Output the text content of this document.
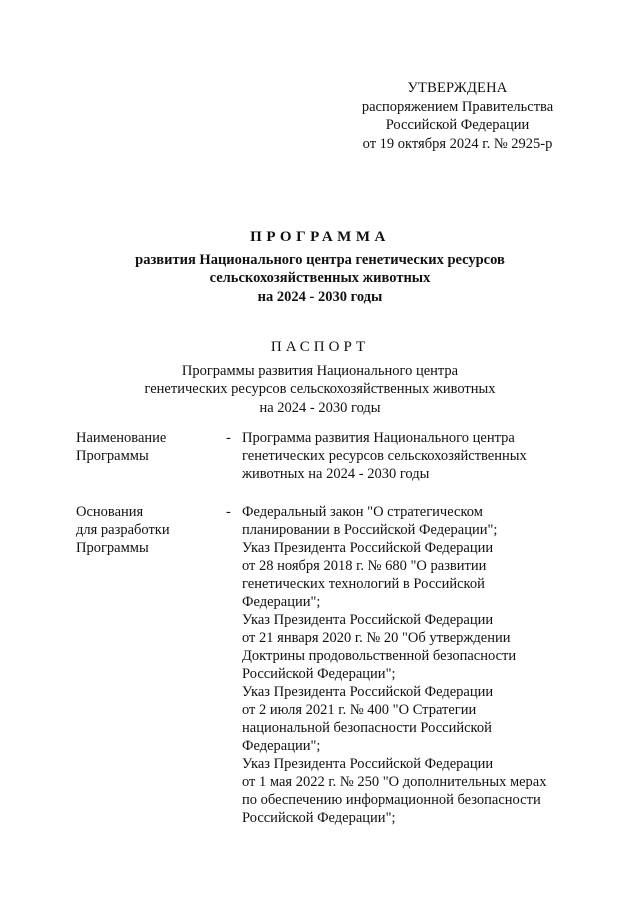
УТВЕРЖДЕНА
распоряжением Правительства
Российской Федерации
от 19 октября 2024 г. № 2925-р
ПРОГРАММА
развития Национального центра генетических ресурсов
сельскохозяйственных животных
на 2024 - 2030 годы
ПАСПОРТ
Программы развития Национального центра
генетических ресурсов сельскохозяйственных животных
на 2024 - 2030 годы
Наименование
Программы
- Программа развития Национального центра
генетических ресурсов сельскохозяйственных
животных на 2024 - 2030 годы
Основания
для разработки
Программы
- Федеральный закон "О стратегическом
планировании в Российской Федерации";
Указ Президента Российской Федерации
от 28 ноября 2018 г. № 680 "О развитии
генетических технологий в Российской
Федерации";
Указ Президента Российской Федерации
от 21 января 2020 г. № 20 "Об утверждении
Доктрины продовольственной безопасности
Российской Федерации";
Указ Президента Российской Федерации
от 2 июля 2021 г. № 400 "О Стратегии
национальной безопасности Российской
Федерации";
Указ Президента Российской Федерации
от 1 мая 2022 г. № 250 "О дополнительных мерах
по обеспечению информационной безопасности
Российской Федерации";
